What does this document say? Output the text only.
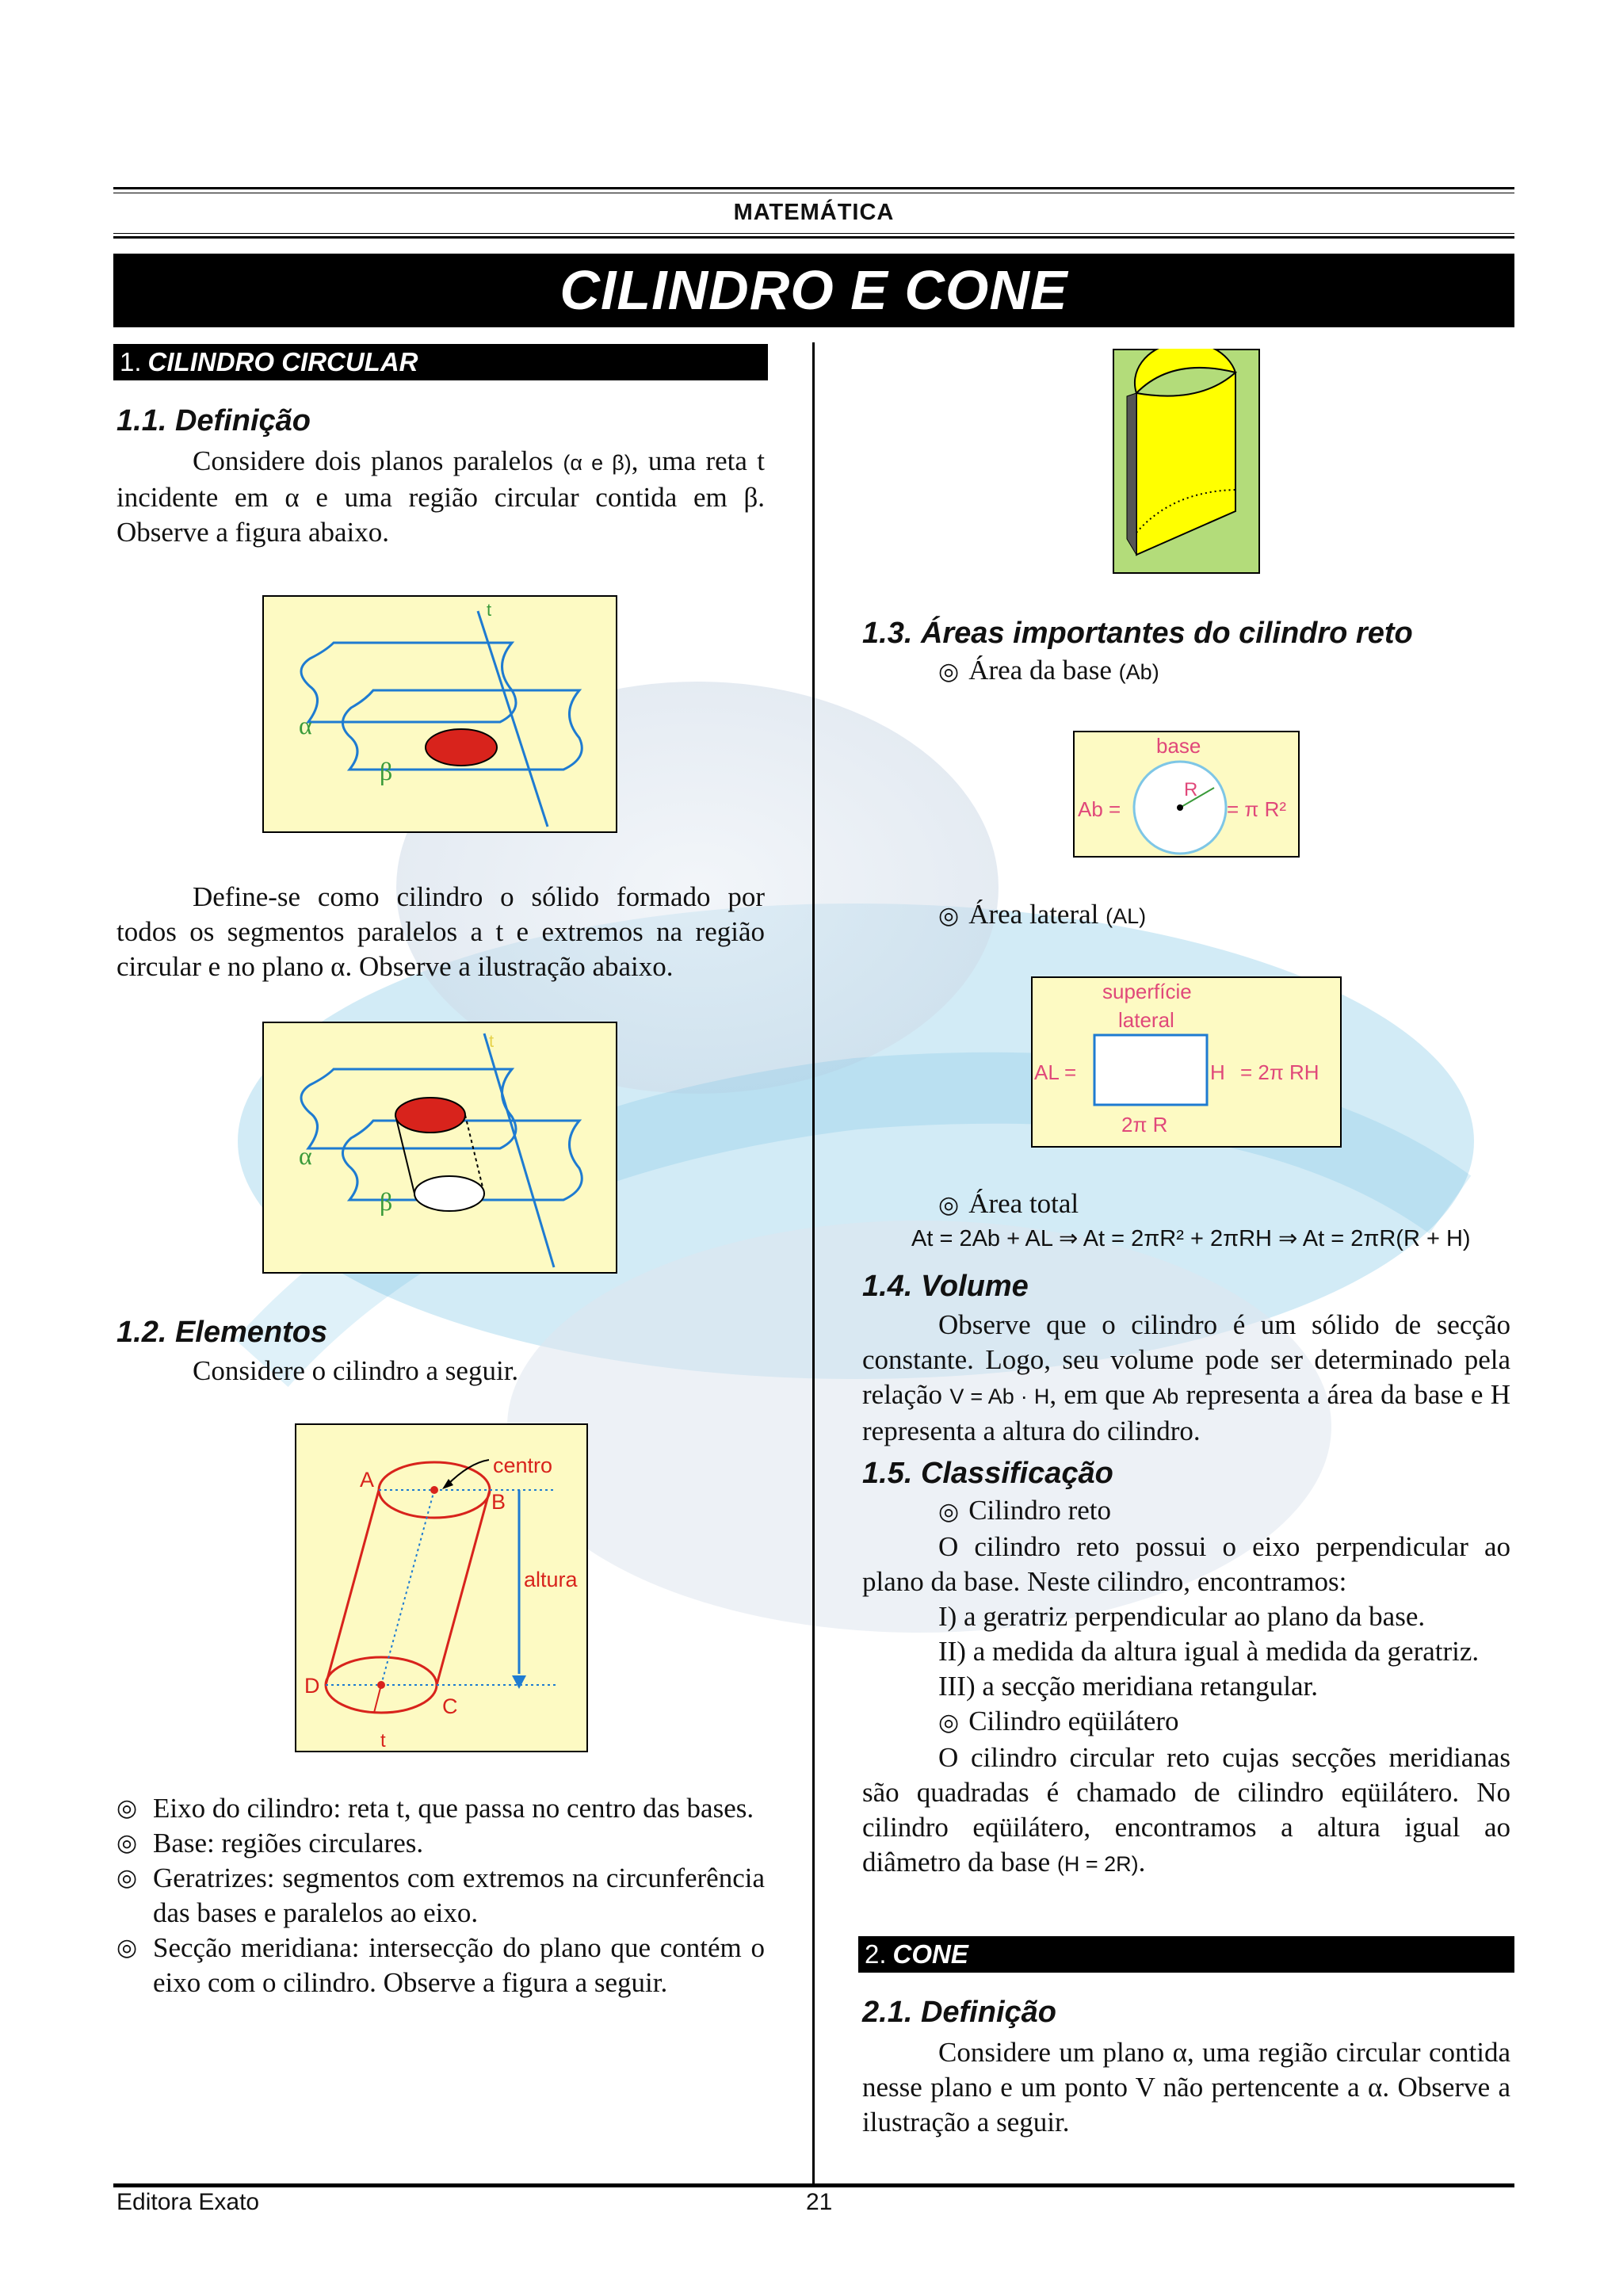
MATEMÁTICA
CILINDRO E CONE
1. CILINDRO CIRCULAR
1.1. Definição
Considere dois planos paralelos (α e β), uma reta t incidente em α e uma região circular contida em β. Observe a figura abaixo.
t
α
β
Define-se como cilindro o sólido formado por todos os segmentos paralelos a t e extremos na região circular e no plano α. Observe a ilustração abaixo.
t
α
β
1.2. Elementos
Considere o cilindro a seguir.
A
B
C
D
t
centro
altura
◎ Eixo do cilindro: reta t, que passa no centro das bases.
◎ Base: regiões circulares.
◎ Geratrizes: segmentos com extremos na circunferência das bases e paralelos ao eixo.
◎ Secção meridiana: intersecção do plano que contém o eixo com o cilindro. Observe a figura a seguir.
1.3. Áreas importantes do cilindro reto
◎ Área da base (Ab)
base
R
Ab =	= π R²
◎ Área lateral (AL)
superfície
lateral
AL =	H = 2π RH
2π R
◎ Área total
At = 2Ab + AL ⇒ At = 2πR² + 2πRH ⇒ At = 2πR(R + H)
1.4. Volume
Observe que o cilindro é um sólido de secção constante. Logo, seu volume pode ser determinado pela relação V = Ab · H, em que Ab representa a área da base e H representa a altura do cilindro.
1.5. Classificação
◎ Cilindro reto
O cilindro reto possui o eixo perpendicular ao plano da base. Neste cilindro, encontramos:
I) a geratriz perpendicular ao plano da base.
II) a medida da altura igual à medida da geratriz.
III) a secção meridiana retangular.
◎ Cilindro eqüilátero
O cilindro circular reto cujas secções meridianas são quadradas é chamado de cilindro eqüilátero. No cilindro eqüilátero, encontramos a altura igual ao diâmetro da base (H = 2R).
2. CONE
2.1. Definição
Considere um plano α, uma região circular contida nesse plano e um ponto V não pertencente a α. Observe a ilustração a seguir.
Editora Exato	21
